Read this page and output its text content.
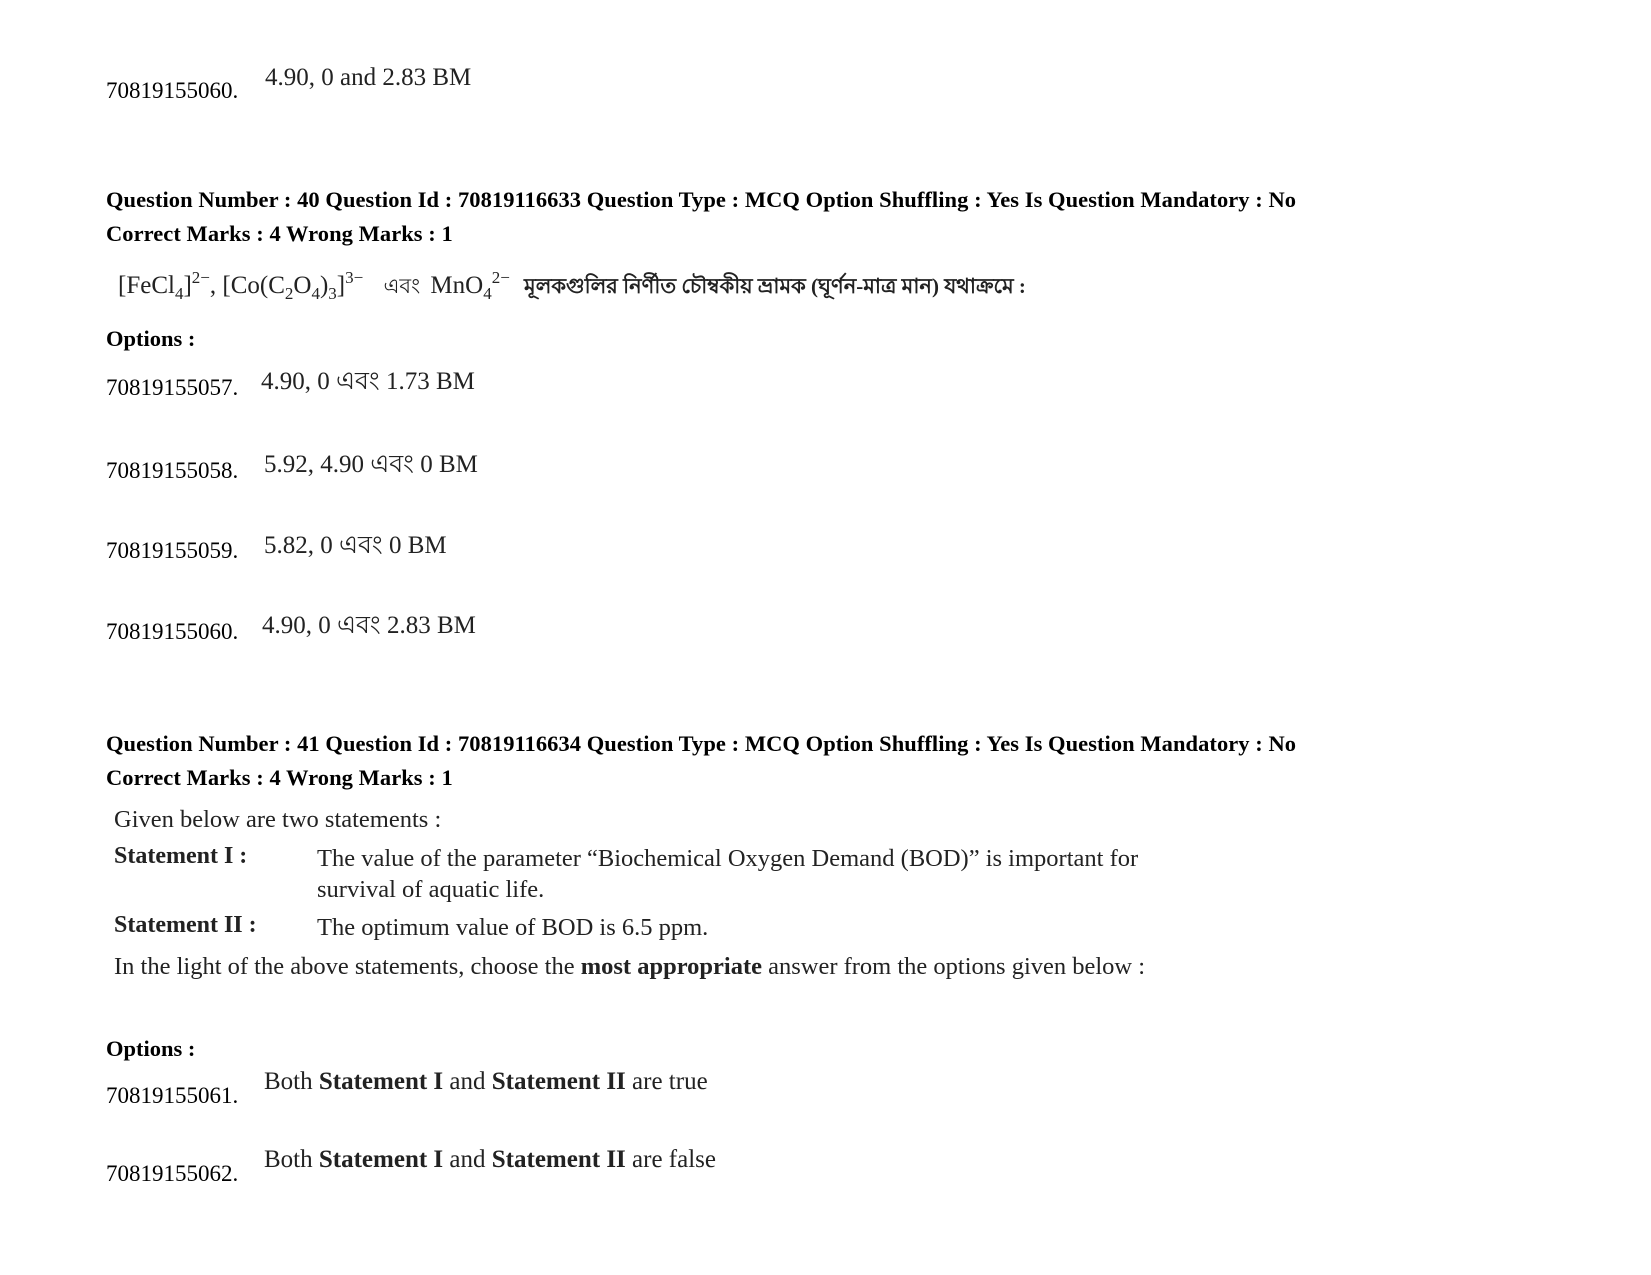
70819155060. 4.90, 0 and 2.83 BM
Question Number : 40 Question Id : 70819116633 Question Type : MCQ Option Shuffling : Yes Is Question Mandatory : No
Correct Marks : 4 Wrong Marks : 1
[FeCl$_4$]$^{2-}$, $[Co(C_2O_4)_3]^{3-}$ এবং MnO$_4^{2-}$ মূলকগুলির নির্ণীত চৌম্বকীয় ভ্রামক (ঘূর্ণন-মাত্র মান) যথাক্রমে :
Options :
70819155057. 4.90, 0 এবং 1.73 BM
70819155058. 5.92, 4.90 এবং 0 BM
70819155059. 5.82, 0 এবং 0 BM
70819155060. 4.90, 0 এবং 2.83 BM
Question Number : 41 Question Id : 70819116634 Question Type : MCQ Option Shuffling : Yes Is Question Mandatory : No
Correct Marks : 4 Wrong Marks : 1
Given below are two statements :
Statement I :	The value of the parameter “Biochemical Oxygen Demand (BOD)” is important for survival of aquatic life.
Statement II : The optimum value of BOD is 6.5 ppm.
In the light of the above statements, choose the most appropriate answer from the options given below :
Options :
70819155061.
Both Statement I and Statement II are true
70819155062.
Both Statement I and Statement II are false
